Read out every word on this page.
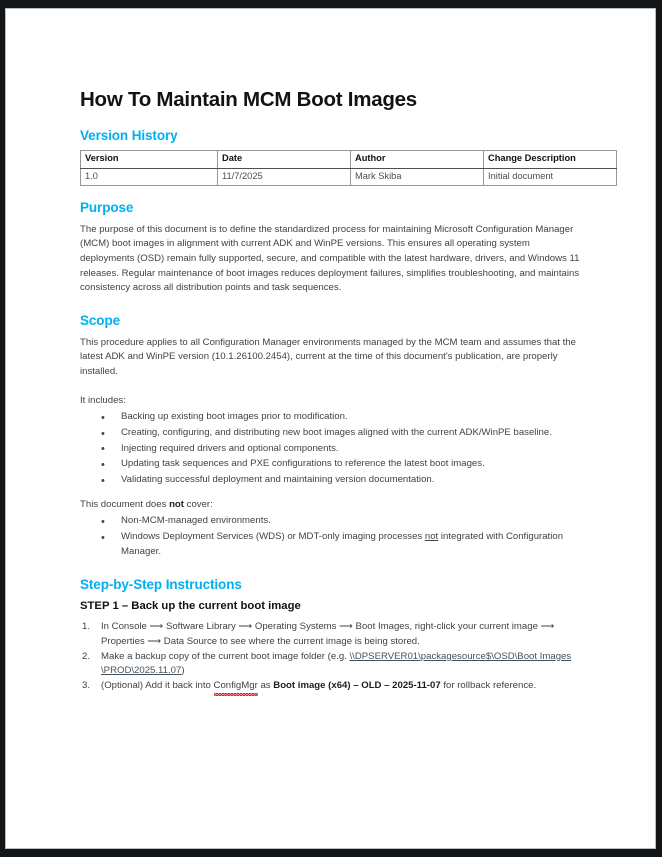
How To Maintain MCM Boot Images
Version History
Version	Date	Author	Change Description
1.0	11/7/2025	Mark Skiba	Initial document
Purpose

The purpose of this document is to define the standardized process for maintaining Microsoft Configuration Manager (MCM) boot images in alignment with current ADK and WinPE versions. This ensures all operating system deployments (OSD) remain fully supported, secure, and compatible with the latest hardware, drivers, and Windows 11 releases. Regular maintenance of boot images reduces deployment failures, simplifies troubleshooting, and maintains consistency across all distribution points and task sequences.

Scope

This procedure applies to all Configuration Manager environments managed by the MCM team and assumes that the latest ADK and WinPE version (10.1.26100.2454), current at the time of this document's publication, are properly installed.

It includes:

• Backing up existing boot images prior to modification.
• Creating, configuring, and distributing new boot images aligned with the current ADK/WinPE baseline.
• Injecting required drivers and optional components.
• Updating task sequences and PXE configurations to reference the latest boot images.
• Validating successful deployment and maintaining version documentation.

This document does not cover:

• Non-MCM-managed environments.
• Windows Deployment Services (WDS) or MDT-only imaging processes not integrated with Configuration Manager.
Step-by-Step Instructions
STEP 1 – Back up the current boot image
In Console ⟶ Software Library ⟶ Operating Systems ⟶ Boot Images, right-click your current image ⟶ Properties ⟶ Data Source to see where the current image is being stored.
Make a backup copy of the current boot image folder (e.g. \\DPSERVER01\packagesource$\OSD\Boot Images\PROD\2025.11.07)
(Optional) Add it back into ConfigMgr as Boot image (x64) – OLD – 2025-11-07 for rollback reference.
